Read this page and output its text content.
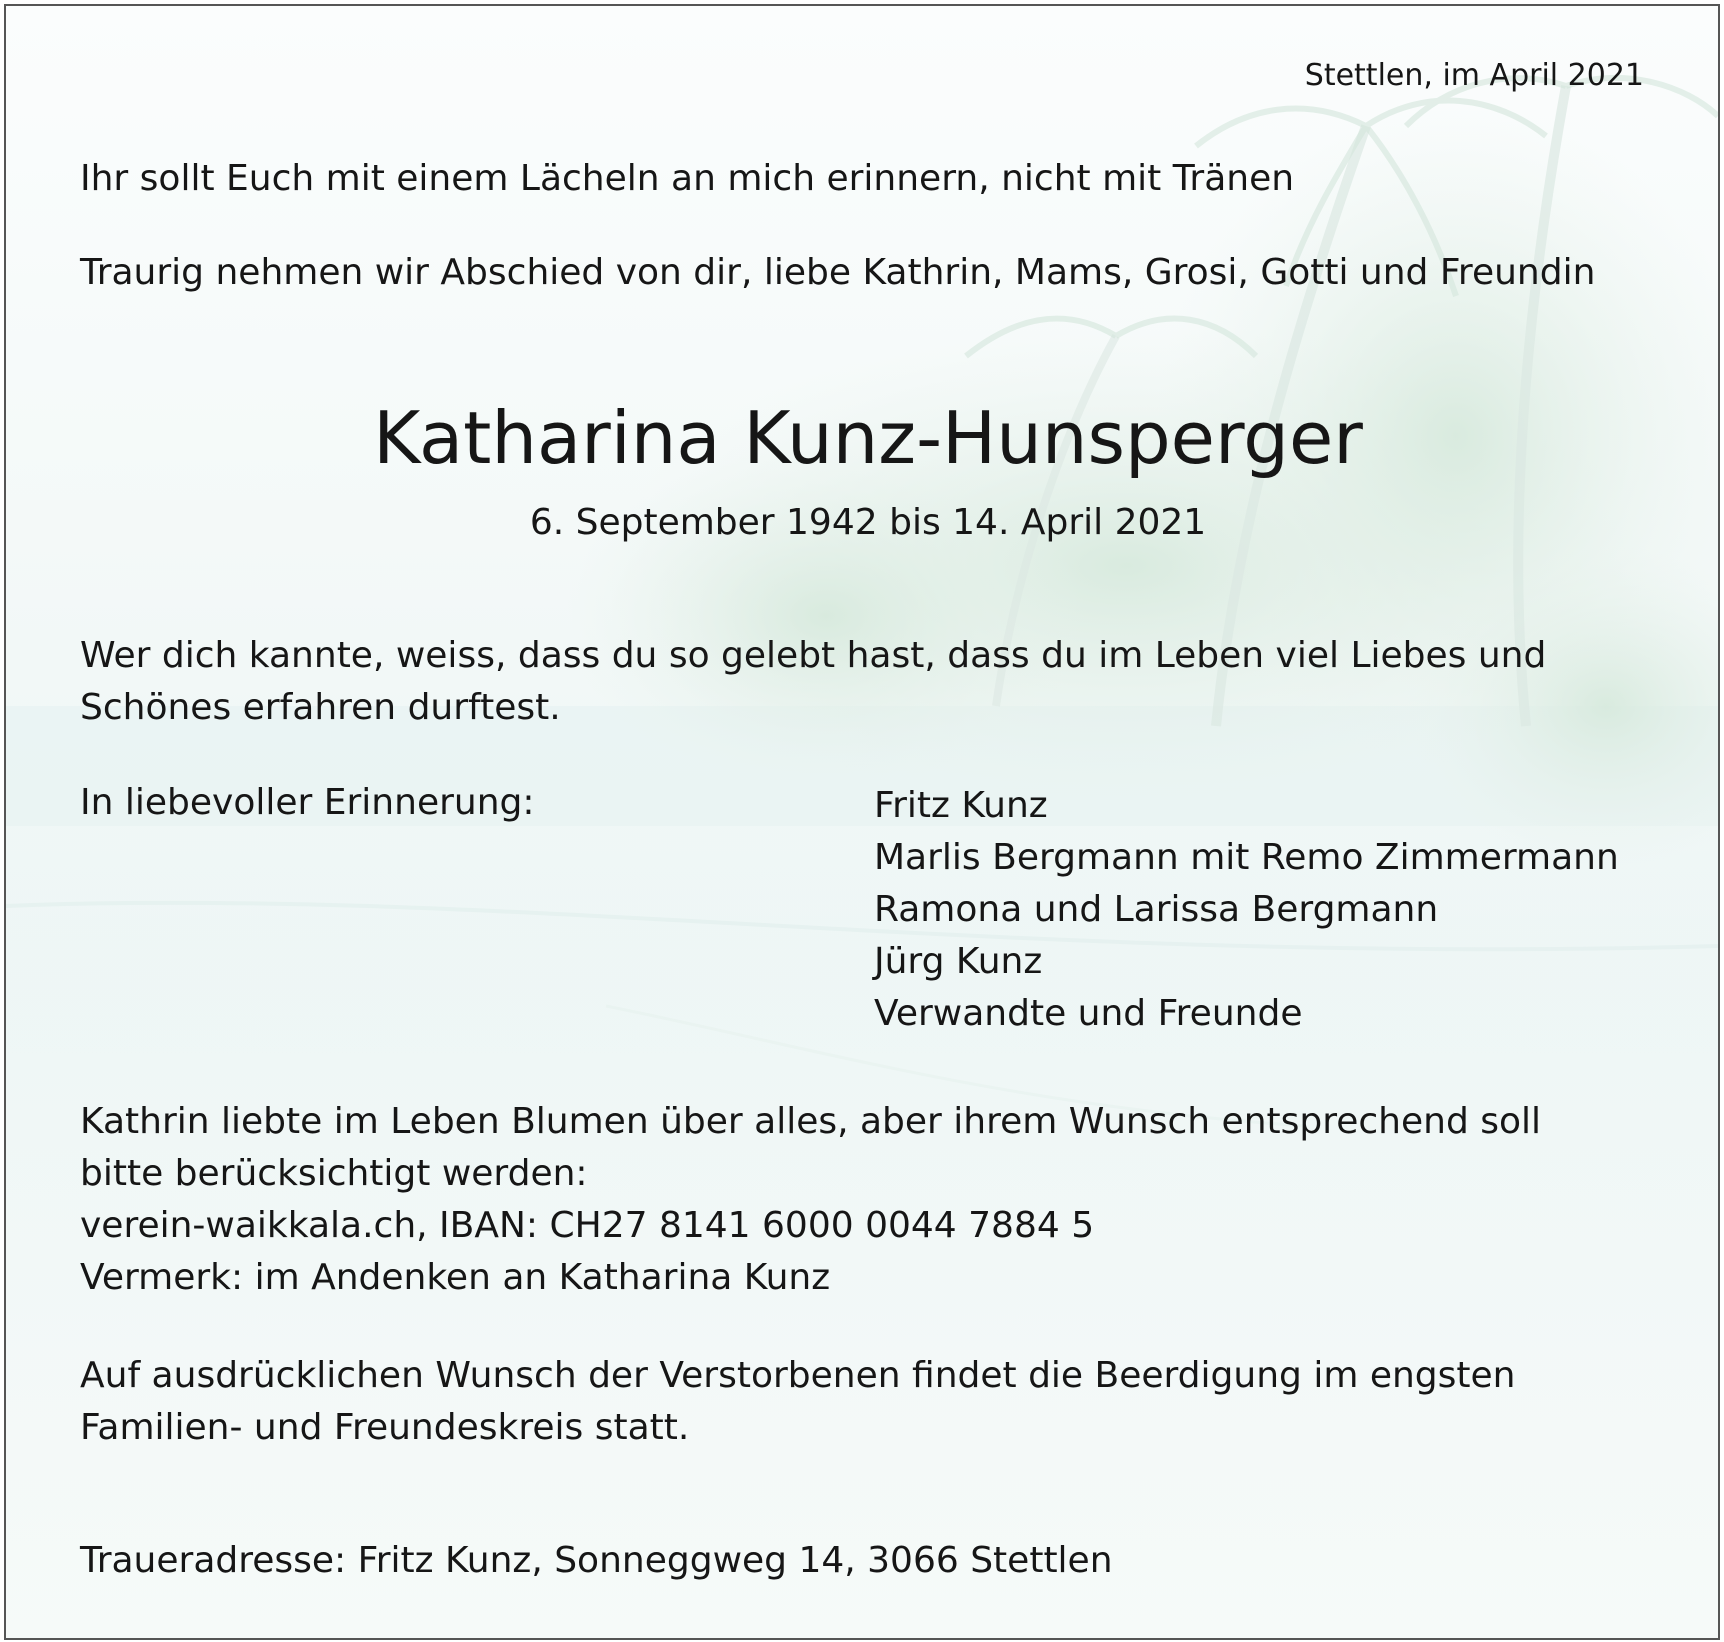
Stettlen, im April 2021

Ihr sollt Euch mit einem Lächeln an mich erinnern, nicht mit Tränen

Traurig nehmen wir Abschied von dir, liebe Kathrin, Mams, Grosi, Gotti und Freundin

Katharina Kunz-Hunsperger

6. September 1942 bis 14. April 2021

Wer dich kannte, weiss, dass du so gelebt hast, dass du im Leben viel Liebes und Schönes erfahren durftest.

In liebevoller Erinnerung:	Fritz Kunz
Marlis Bergmann mit Remo Zimmermann
Ramona und Larissa Bergmann
Jürg Kunz
Verwandte und Freunde
Kathrin liebte im Leben Blumen über alles, aber ihrem Wunsch entsprechend soll
bitte berücksichtigt werden:
verein-waikkala.ch, IBAN: CH27 8141 6000 0044 7884 5
Vermerk: im Andenken an Katharina Kunz

Auf ausdrücklichen Wunsch der Verstorbenen findet die Beerdigung im engsten Familien- und Freundeskreis statt.

Traueradresse: Fritz Kunz, Sonneggweg 14, 3066 Stettlen
